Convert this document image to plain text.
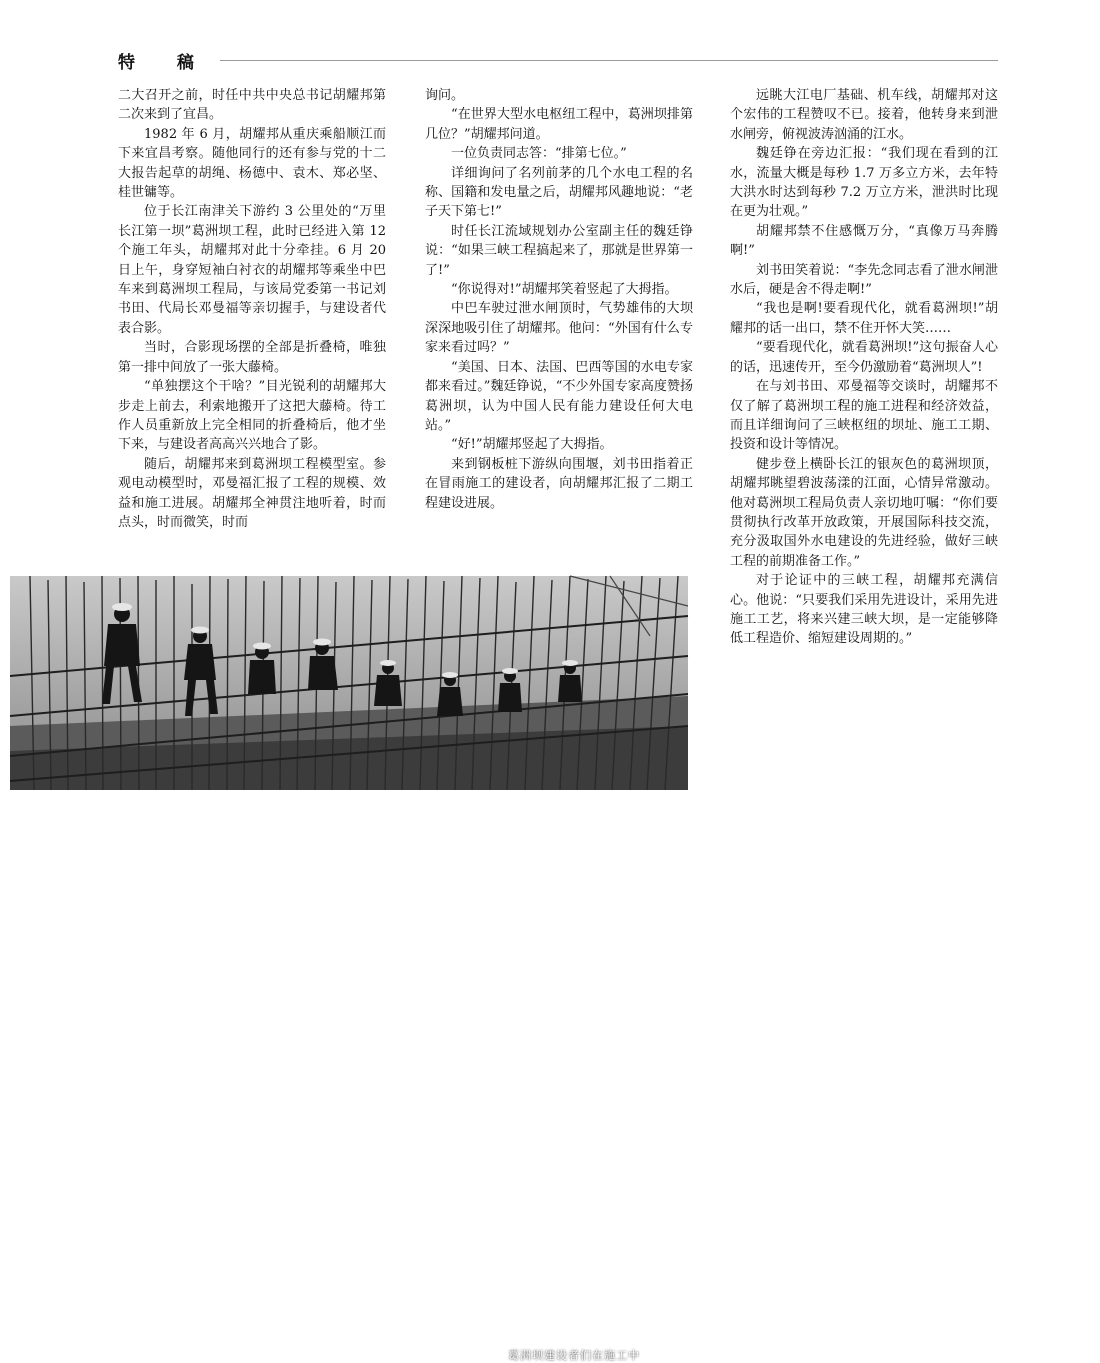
特 稿

二大召开之前，时任中共中央总书记胡耀邦第二次来到了宜昌。

1982 年 6 月，胡耀邦从重庆乘船顺江而下来宜昌考察。随他同行的还有参与党的十二大报告起草的胡绳、杨德中、袁木、郑必坚、桂世镛等。

位于长江南津关下游约 3 公里处的“万里长江第一坝”葛洲坝工程，此时已经进入第 12 个施工年头，胡耀邦对此十分牵挂。6 月 20 日上午，身穿短袖白衬衣的胡耀邦等乘坐中巴车来到葛洲坝工程局，与该局党委第一书记刘书田、代局长邓曼福等亲切握手，与建设者代表合影。

当时，合影现场摆的全部是折叠椅，唯独第一排中间放了一张大藤椅。

“单独摆这个干啥？”目光锐利的胡耀邦大步走上前去，利索地搬开了这把大藤椅。待工作人员重新放上完全相同的折叠椅后，他才坐下来，与建设者高高兴兴地合了影。

随后，胡耀邦来到葛洲坝工程模型室。参观电动模型时，邓曼福汇报了工程的规模、效益和施工进展。胡耀邦全神贯注地听着，时而点头，时而微笑，时而

询问。

“在世界大型水电枢纽工程中，葛洲坝排第几位？”胡耀邦问道。

一位负责同志答：“排第七位。”

详细询问了名列前茅的几个水电工程的名称、国籍和发电量之后，胡耀邦风趣地说：“老子天下第七!”

时任长江流域规划办公室副主任的魏廷铮说：“如果三峡工程搞起来了，那就是世界第一了!”

“你说得对!”胡耀邦笑着竖起了大拇指。

中巴车驶过泄水闸顶时，气势雄伟的大坝深深地吸引住了胡耀邦。他问：“外国有什么专家来看过吗？”

“美国、日本、法国、巴西等国的水电专家都来看过。”魏廷铮说，“不少外国专家高度赞扬葛洲坝，认为中国人民有能力建设任何大电站。”

“好!”胡耀邦竖起了大拇指。

来到钢板桩下游纵向围堰，刘书田指着正在冒雨施工的建设者，向胡耀邦汇报了二期工程建设进展。

远眺大江电厂基础、机车线，胡耀邦对这个宏伟的工程赞叹不已。接着，他转身来到泄水闸旁，俯视波涛汹涌的江水。

魏廷铮在旁边汇报：“我们现在看到的江水，流量大概是每秒 1.7 万多立方米，去年特大洪水时达到每秒 7.2 万立方米，泄洪时比现在更为壮观。”

胡耀邦禁不住感慨万分，“真像万马奔腾啊!”

刘书田笑着说：“李先念同志看了泄水闸泄水后，硬是舍不得走啊!”

“我也是啊!要看现代化，就看葛洲坝!”胡耀邦的话一出口，禁不住开怀大笑……

“要看现代化，就看葛洲坝!”这句振奋人心的话，迅速传开，至今仍激励着“葛洲坝人”!

在与刘书田、邓曼福等交谈时，胡耀邦不仅了解了葛洲坝工程的施工进程和经济效益，而且详细询问了三峡枢纽的坝址、施工工期、投资和设计等情况。

健步登上横卧长江的银灰色的葛洲坝顶，胡耀邦眺望碧波荡漾的江面，心情异常激动。他对葛洲坝工程局负责人亲切地叮嘱：“你们要贯彻执行改革开放政策，开展国际科技交流，充分汲取国外水电建设的先进经验，做好三峡工程的前期准备工作。”

对于论证中的三峡工程，胡耀邦充满信心。他说：“只要我们采用先进设计，采用先进施工工艺，将来兴建三峡大坝，是一定能够降低工程造价、缩短建设周期的。”

葛洲坝建设者们在施工中
